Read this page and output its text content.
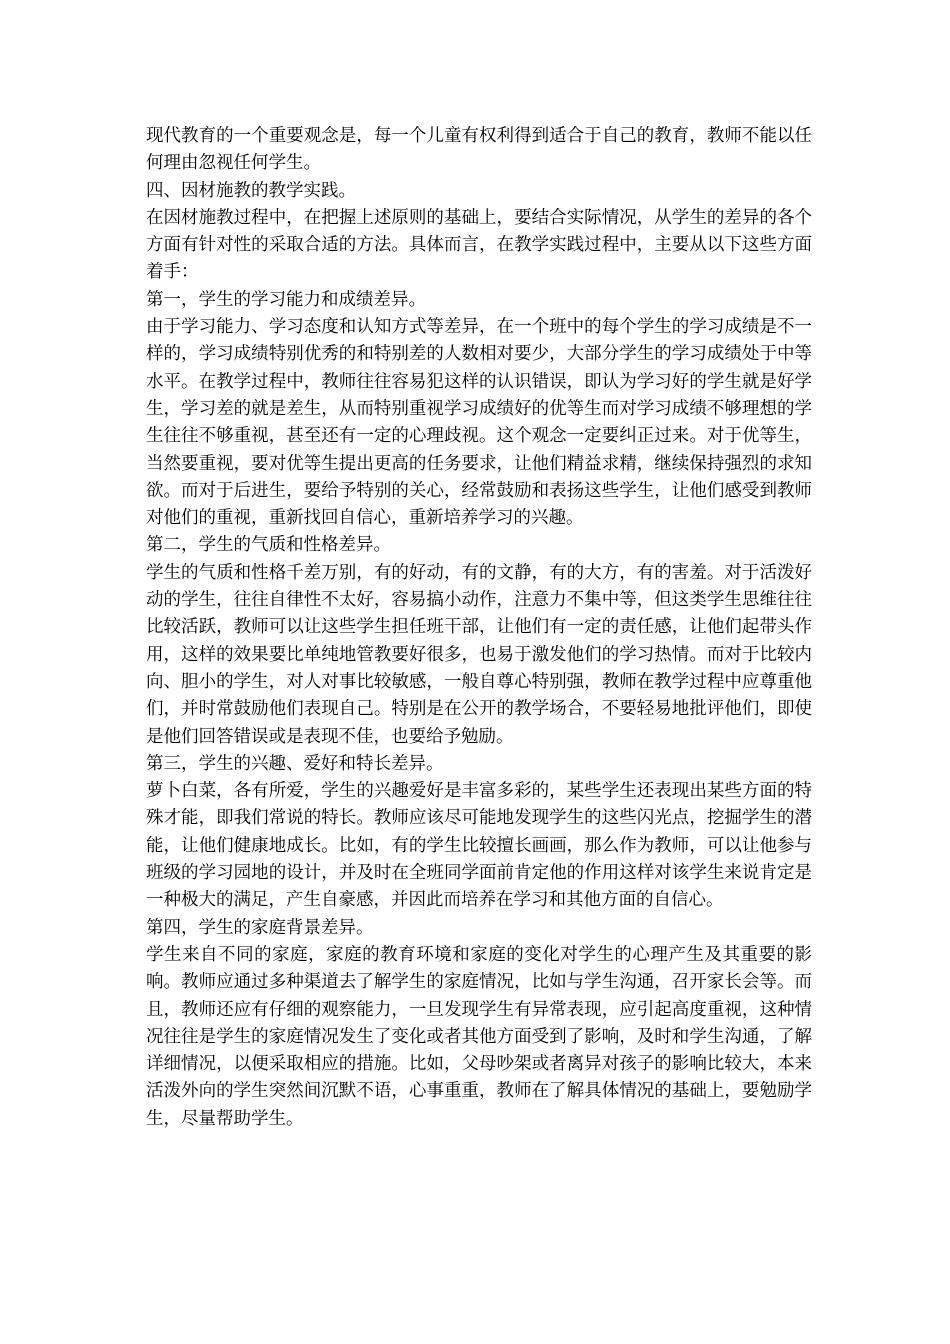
现代教育的一个重要观念是，每一个儿童有权利得到适合于自己的教育，教师不能以任何理由忽视任何学生。

四、因材施教的教学实践。

在因材施教过程中，在把握上述原则的基础上，要结合实际情况，从学生的差异的各个方面有针对性的采取合适的方法。具体而言，在教学实践过程中，主要从以下这些方面着手：

第一，学生的学习能力和成绩差异。

由于学习能力、学习态度和认知方式等差异，在一个班中的每个学生的学习成绩是不一样的，学习成绩特别优秀的和特别差的人数相对要少，大部分学生的学习成绩处于中等水平。在教学过程中，教师往往容易犯这样的认识错误，即认为学习好的学生就是好学生，学习差的就是差生，从而特别重视学习成绩好的优等生而对学习成绩不够理想的学生往往不够重视，甚至还有一定的心理歧视。这个观念一定要纠正过来。对于优等生，当然要重视，要对优等生提出更高的任务要求，让他们精益求精，继续保持强烈的求知欲。而对于后进生，要给予特别的关心，经常鼓励和表扬这些学生，让他们感受到教师对他们的重视，重新找回自信心，重新培养学习的兴趣。

第二，学生的气质和性格差异。

学生的气质和性格千差万别，有的好动，有的文静，有的大方，有的害羞。对于活泼好动的学生，往往自律性不太好，容易搞小动作，注意力不集中等，但这类学生思维往往比较活跃，教师可以让这些学生担任班干部，让他们有一定的责任感，让他们起带头作用，这样的效果要比单纯地管教要好很多，也易于激发他们的学习热情。而对于比较内向、胆小的学生，对人对事比较敏感，一般自尊心特别强，教师在教学过程中应尊重他们，并时常鼓励他们表现自己。特别是在公开的教学场合，不要轻易地批评他们，即使是他们回答错误或是表现不佳，也要给予勉励。

第三，学生的兴趣、爱好和特长差异。

萝卜白菜，各有所爱，学生的兴趣爱好是丰富多彩的，某些学生还表现出某些方面的特殊才能，即我们常说的特长。教师应该尽可能地发现学生的这些闪光点，挖掘学生的潜能，让他们健康地成长。比如，有的学生比较擅长画画，那么作为教师，可以让他参与班级的学习园地的设计，并及时在全班同学面前肯定他的作用这样对该学生来说肯定是一种极大的满足，产生自豪感，并因此而培养在学习和其他方面的自信心。

第四，学生的家庭背景差异。

学生来自不同的家庭，家庭的教育环境和家庭的变化对学生的心理产生及其重要的影响。教师应通过多种渠道去了解学生的家庭情况，比如与学生沟通，召开家长会等。而且，教师还应有仔细的观察能力，一旦发现学生有异常表现，应引起高度重视，这种情况往往是学生的家庭情况发生了变化或者其他方面受到了影响，及时和学生沟通，了解详细情况，以便采取相应的措施。比如，父母吵架或者离异对孩子的影响比较大，本来活泼外向的学生突然间沉默不语，心事重重，教师在了解具体情况的基础上，要勉励学生，尽量帮助学生。
